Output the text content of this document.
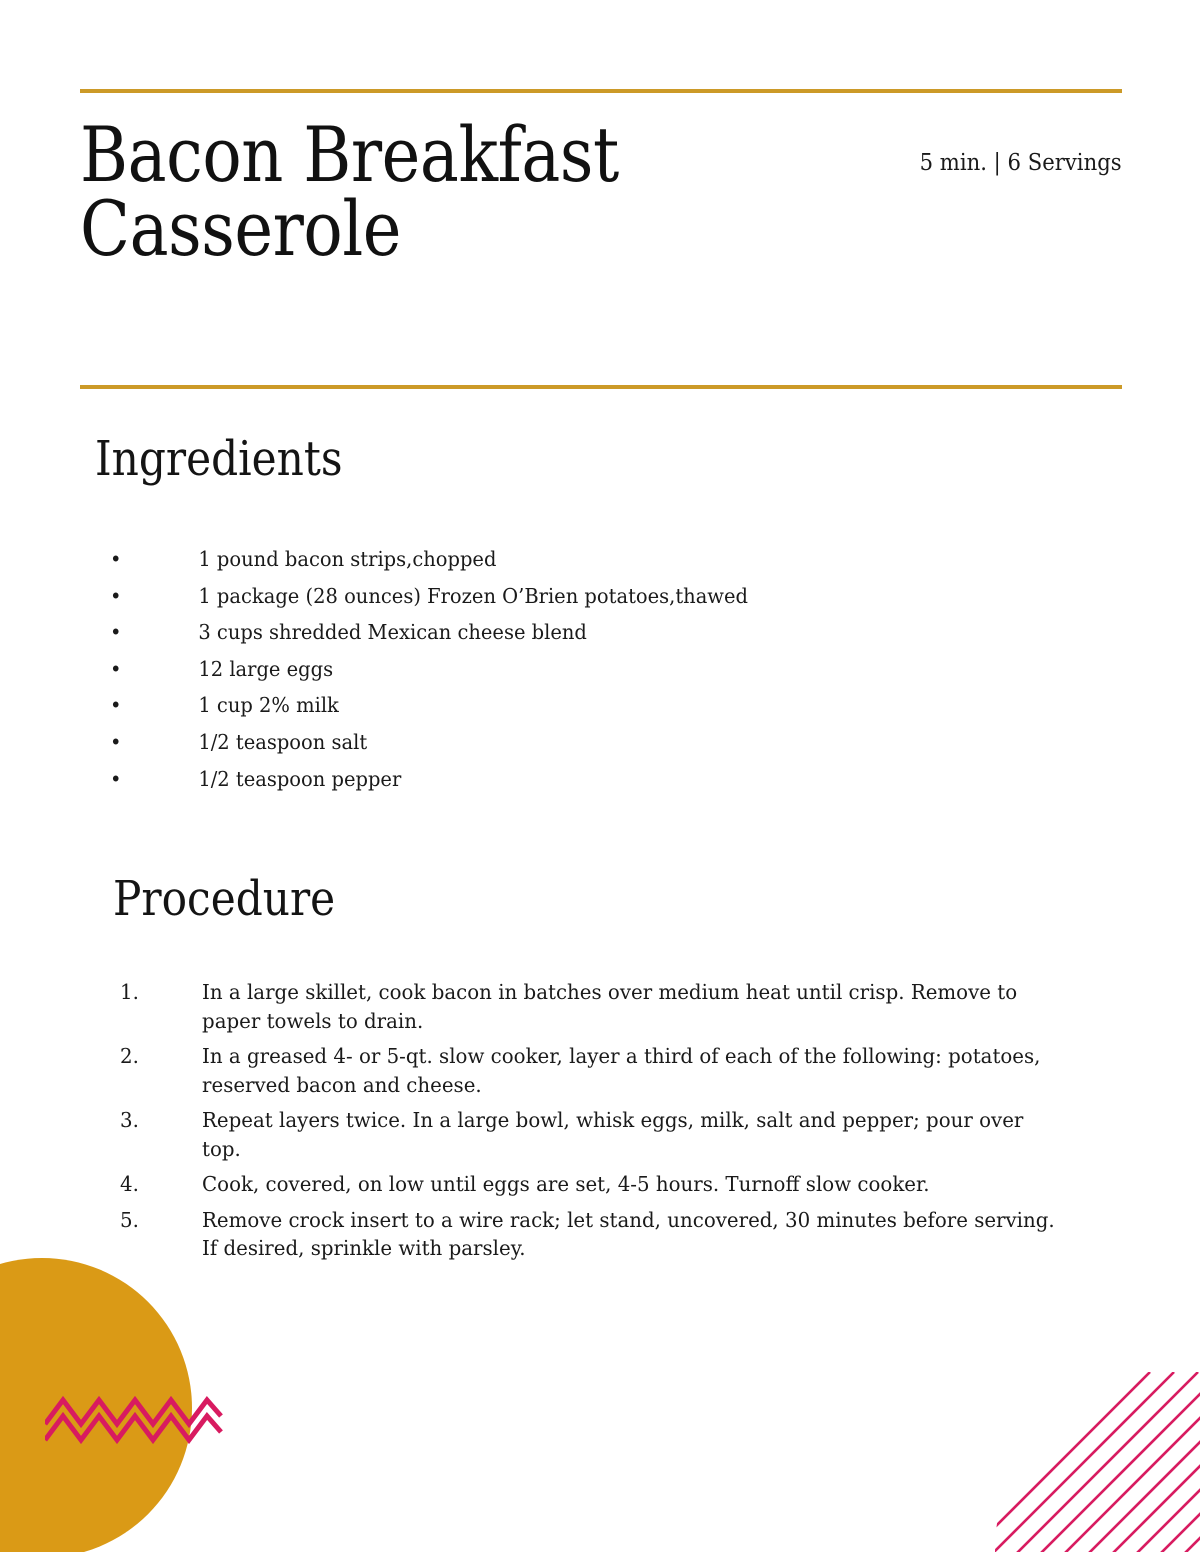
Bacon Breakfast Casserole
5 min. | 6 Servings
Ingredients
•	1 pound bacon strips,chopped
•	1 package (28 ounces) Frozen O’Brien potatoes,thawed
•	3 cups shredded Mexican cheese blend
•	12 large eggs
•	1 cup 2% milk
•	1/2 teaspoon salt
•	1/2 teaspoon pepper
Procedure
1.	In a large skillet, cook bacon in batches over medium heat until crisp. Remove to paper towels to drain.
2.	In a greased 4- or 5-qt. slow cooker, layer a third of each of the following: potatoes, reserved bacon and cheese.
3.	Repeat layers twice. In a large bowl, whisk eggs, milk, salt and pepper; pour over top.
4.	Cook, covered, on low until eggs are set, 4-5 hours. Turnoff slow cooker.
5.	Remove crock insert to a wire rack; let stand, uncovered, 30 minutes before serving. If desired, sprinkle with parsley.
